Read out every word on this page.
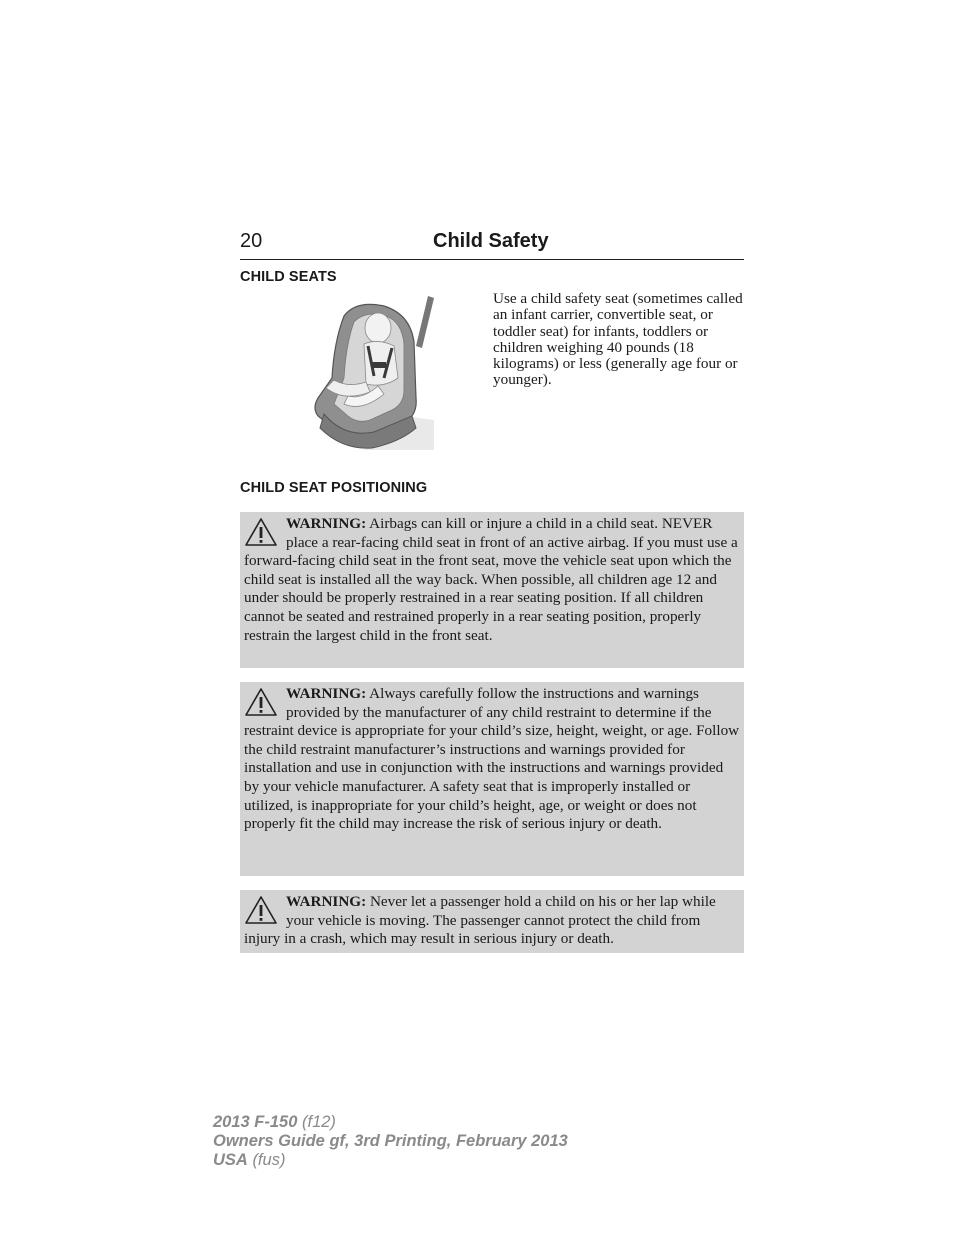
20	Child Safety
CHILD SEATS
Use a child safety seat (sometimes called an infant carrier, convertible seat, or toddler seat) for infants, toddlers or children weighing 40 pounds (18 kilograms) or less (generally age four or younger).
CHILD SEAT POSITIONING
WARNING: Airbags can kill or injure a child in a child seat. NEVER place a rear-facing child seat in front of an active airbag. If you must use a forward-facing child seat in the front seat, move the vehicle seat upon which the child seat is installed all the way back. When possible, all children age 12 and under should be properly restrained in a rear seating position. If all children cannot be seated and restrained properly in a rear seating position, properly restrain the largest child in the front seat.
WARNING: Always carefully follow the instructions and warnings provided by the manufacturer of any child restraint to determine if the restraint device is appropriate for your child’s size, height, weight, or age. Follow the child restraint manufacturer’s instructions and warnings provided for installation and use in conjunction with the instructions and warnings provided by your vehicle manufacturer. A safety seat that is improperly installed or utilized, is inappropriate for your child’s height, age, or weight or does not properly fit the child may increase the risk of serious injury or death.
WARNING: Never let a passenger hold a child on his or her lap while your vehicle is moving. The passenger cannot protect the child from injury in a crash, which may result in serious injury or death.
2013 F-150 (f12)
Owners Guide gf, 3rd Printing, February 2013
USA (fus)
